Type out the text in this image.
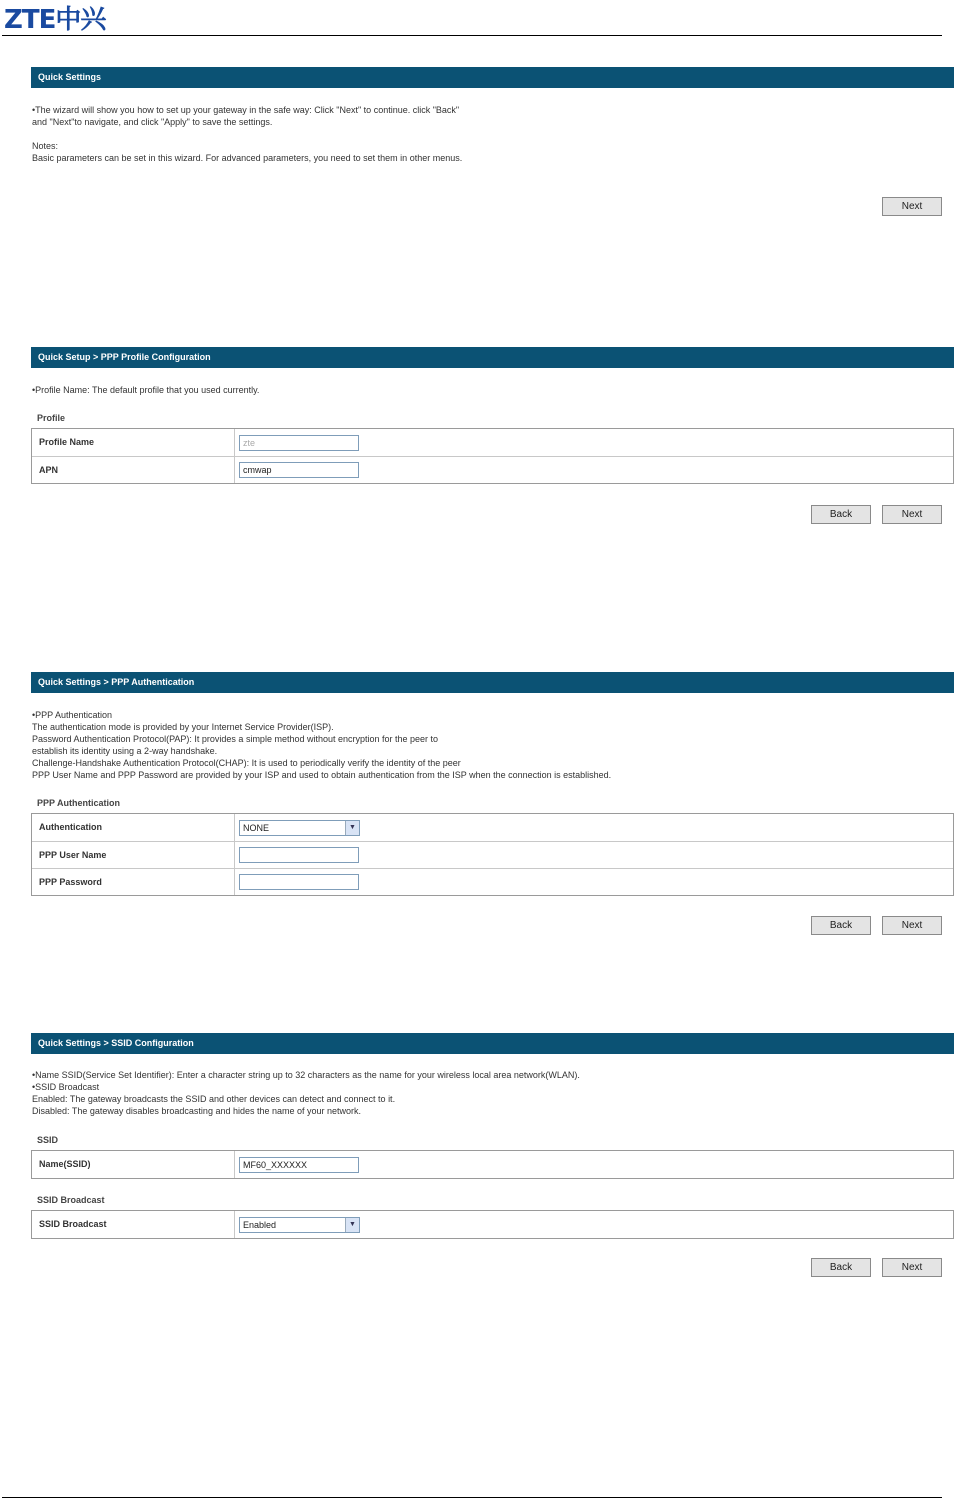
ZTE中兴
Quick Settings
•The wizard will show you how to set up your gateway in the safe way: Click "Next" to continue. click "Back"
and "Next"to navigate, and click "Apply" to save the settings.
Notes:
Basic parameters can be set in this wizard. For advanced parameters, you need to set them in other menus.
Next
Quick Setup > PPP Profile Configuration
•Profile Name: The default profile that you used currently.
Profile
Profile Name	zte
APN	cmwap
Back	Next
Quick Settings > PPP Authentication
•PPP Authentication
The authentication mode is provided by your Internet Service Provider(ISP).
Password Authentication Protocol(PAP): It provides a simple method without encryption for the peer to
establish its identity using a 2-way handshake.
Challenge-Handshake Authentication Protocol(CHAP): It is used to periodically verify the identity of the peer
PPP User Name and PPP Password are provided by your ISP and used to obtain authentication from the ISP when the connection is established.
PPP Authentication
Authentication	NONE	▼
PPP User Name
PPP Password
Back	Next
Quick Settings > SSID Configuration
•Name SSID(Service Set Identifier): Enter a character string up to 32 characters as the name for your wireless local area network(WLAN).
•SSID Broadcast
Enabled: The gateway broadcasts the SSID and other devices can detect and connect to it.
Disabled: The gateway disables broadcasting and hides the name of your network.
SSID
Name(SSID)	MF60_XXXXXX
SSID Broadcast
SSID Broadcast	Enabled	▼
Back	Next
